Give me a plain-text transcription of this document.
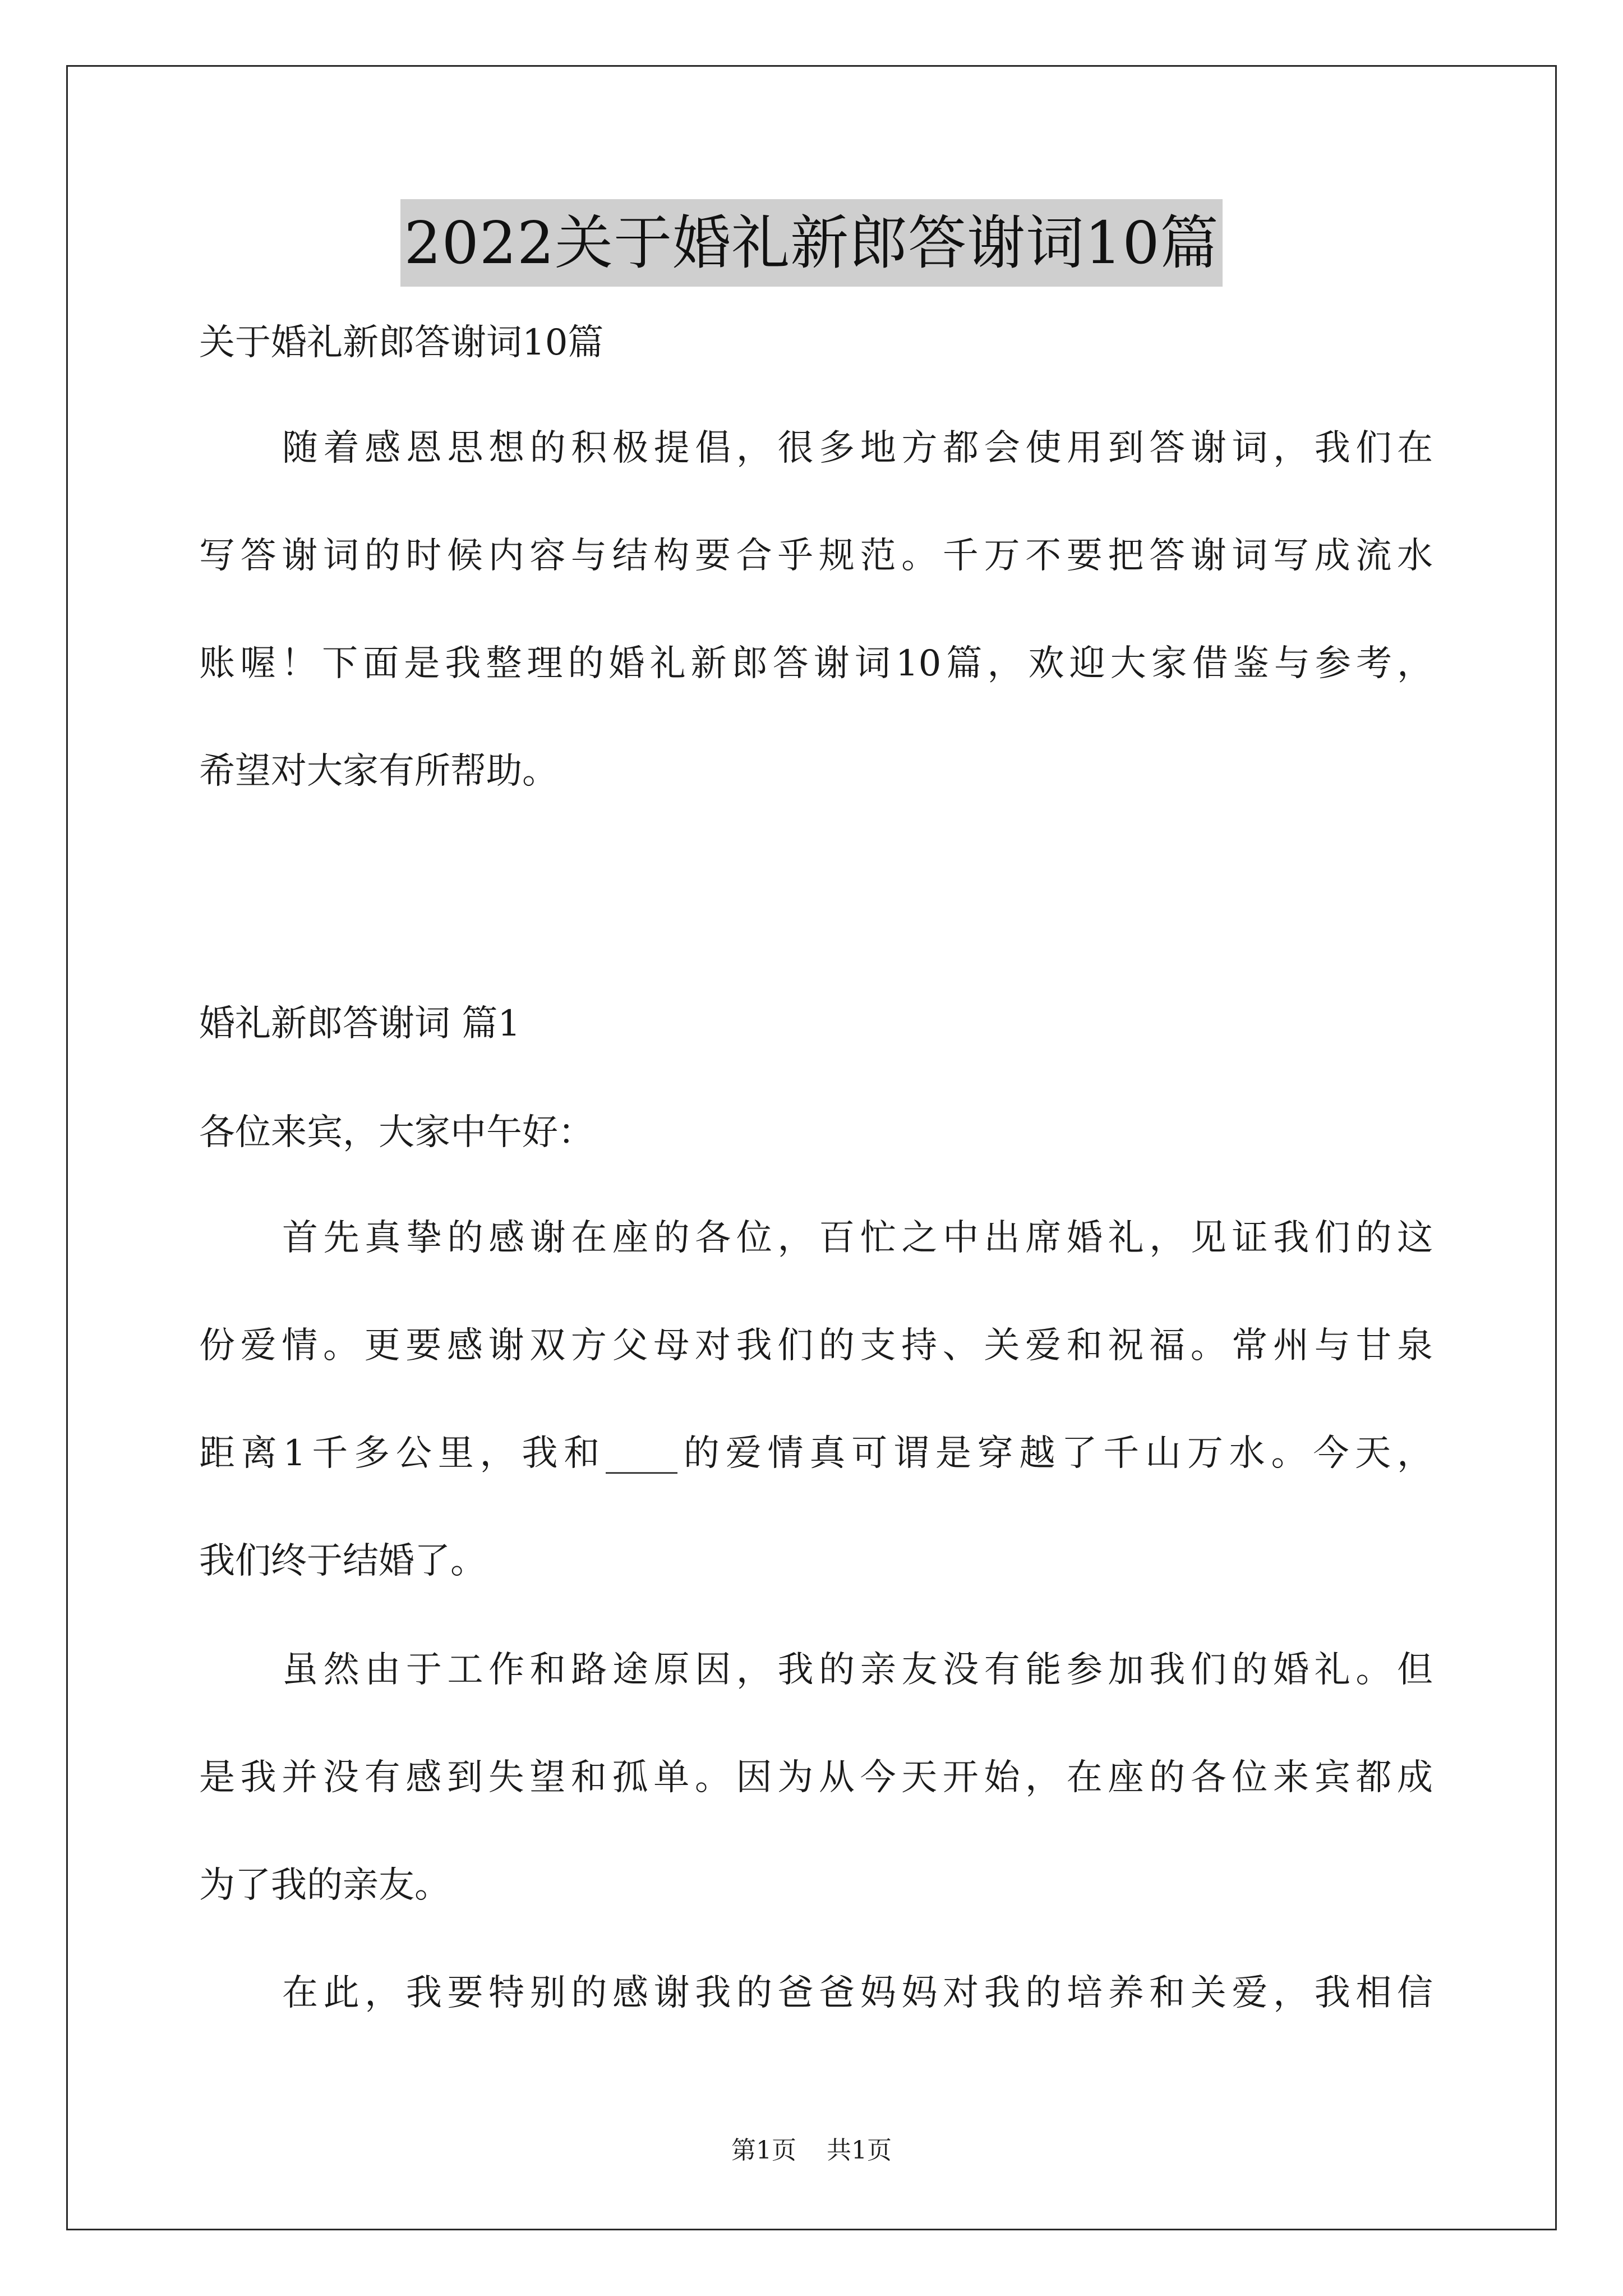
2022关于婚礼新郎答谢词10篇
关于婚礼新郎答谢词10篇
随着感恩思想的积极提倡，很多地方都会使用到答谢词，我们在
写答谢词的时候内容与结构要合乎规范。千万不要把答谢词写成流水
账喔！下面是我整理的婚礼新郎答谢词10篇，欢迎大家借鉴与参考，
希望对大家有所帮助。
婚礼新郎答谢词 篇1
各位来宾，大家中午好：
首先真挚的感谢在座的各位，百忙之中出席婚礼，见证我们的这
份爱情。更要感谢双方父母对我们的支持、关爱和祝福。常州与甘泉
距离1千多公里，我和____的爱情真可谓是穿越了千山万水。今天，
我们终于结婚了。
虽然由于工作和路途原因，我的亲友没有能参加我们的婚礼。但
是我并没有感到失望和孤单。因为从今天开始，在座的各位来宾都成
为了我的亲友。
在此，我要特别的感谢我的爸爸妈妈对我的培养和关爱，我相信
第1页 共1页
